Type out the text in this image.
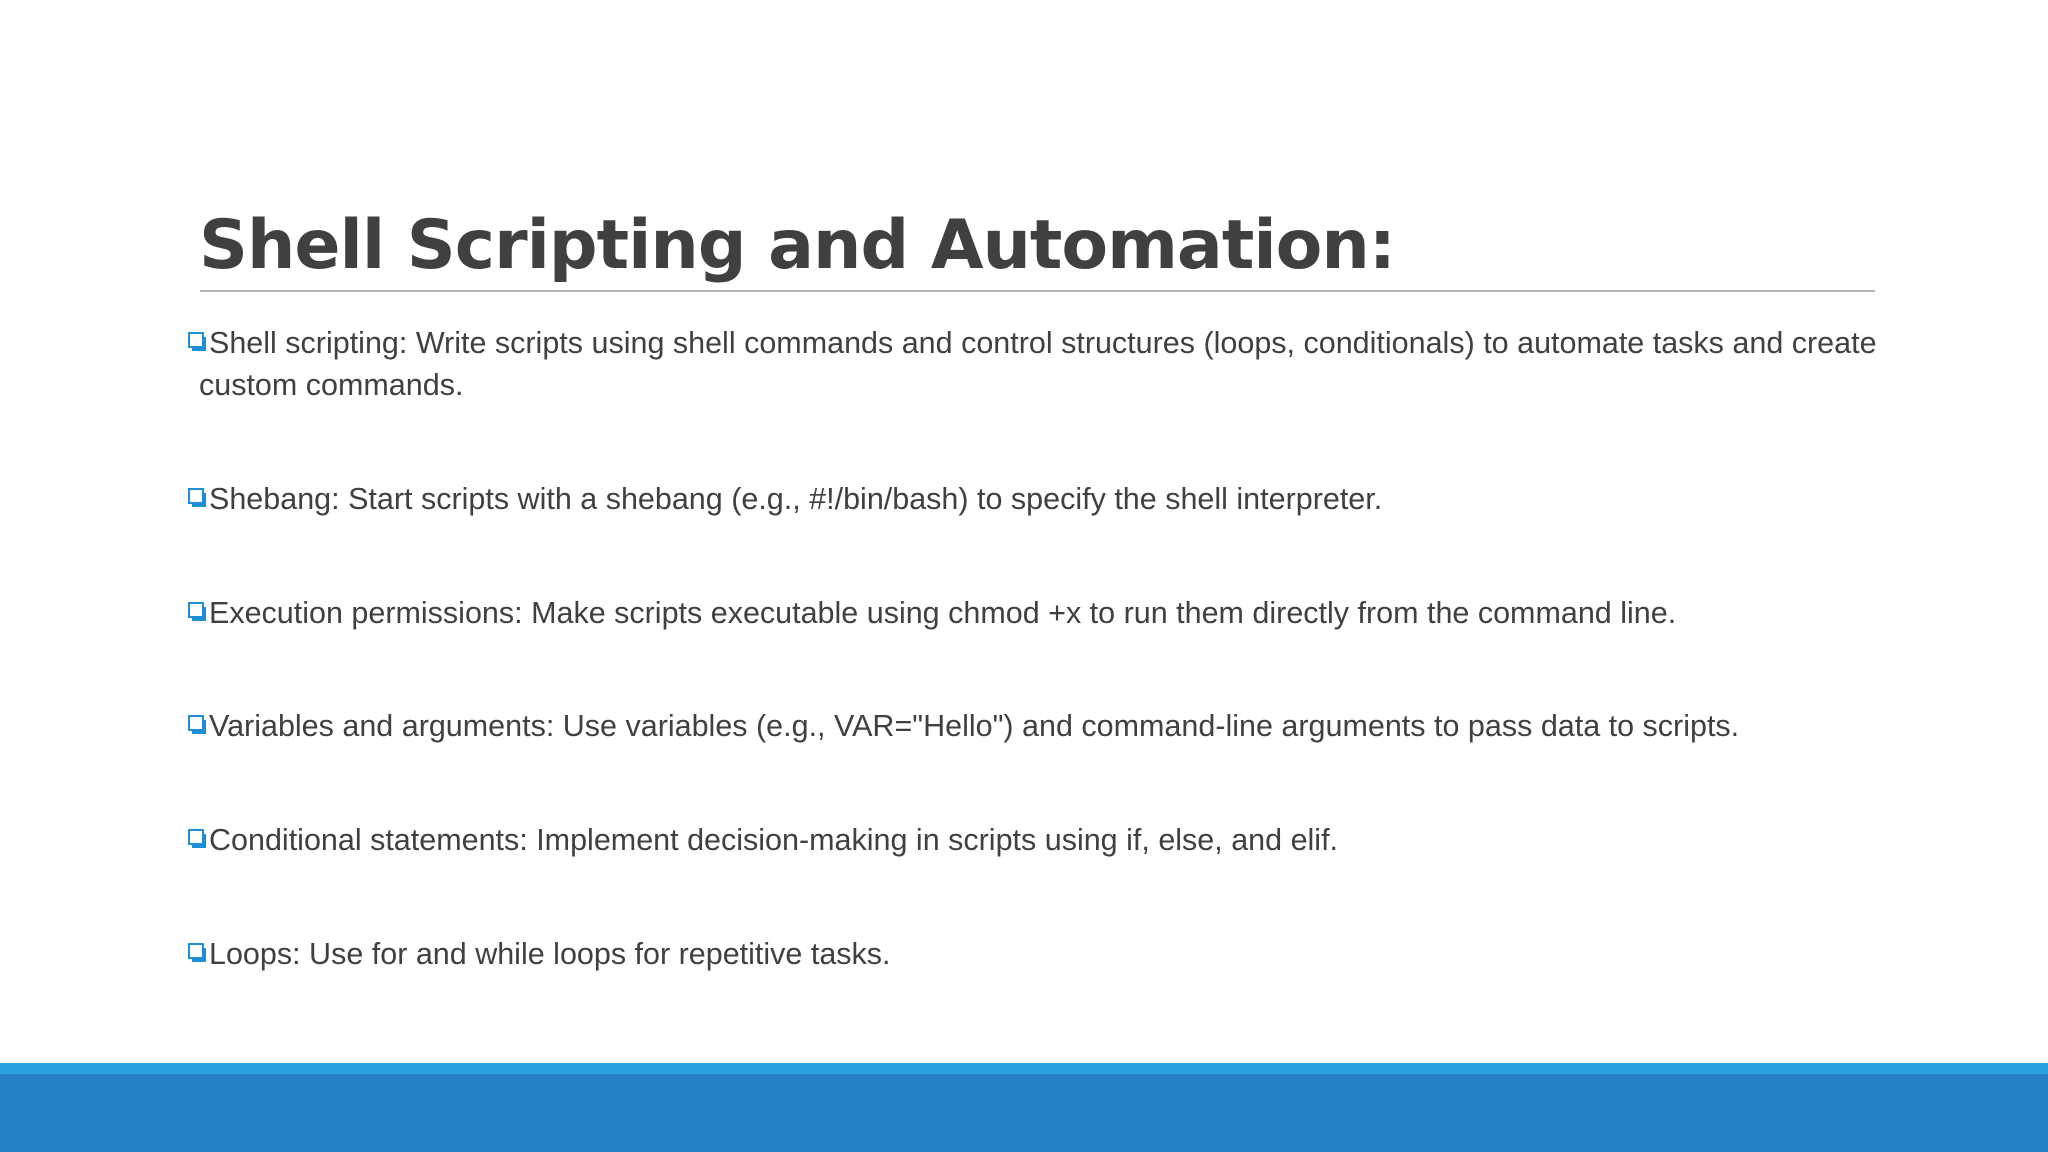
Shell Scripting and Automation:
Shell scripting: Write scripts using shell commands and control structures (loops, conditionals) to automate tasks and create
custom commands.
Shebang: Start scripts with a shebang (e.g., #!/bin/bash) to specify the shell interpreter.
Execution permissions: Make scripts executable using chmod +x to run them directly from the command line.
Variables and arguments: Use variables (e.g., VAR="Hello") and command-line arguments to pass data to scripts.
Conditional statements: Implement decision-making in scripts using if, else, and elif.
Loops: Use for and while loops for repetitive tasks.
